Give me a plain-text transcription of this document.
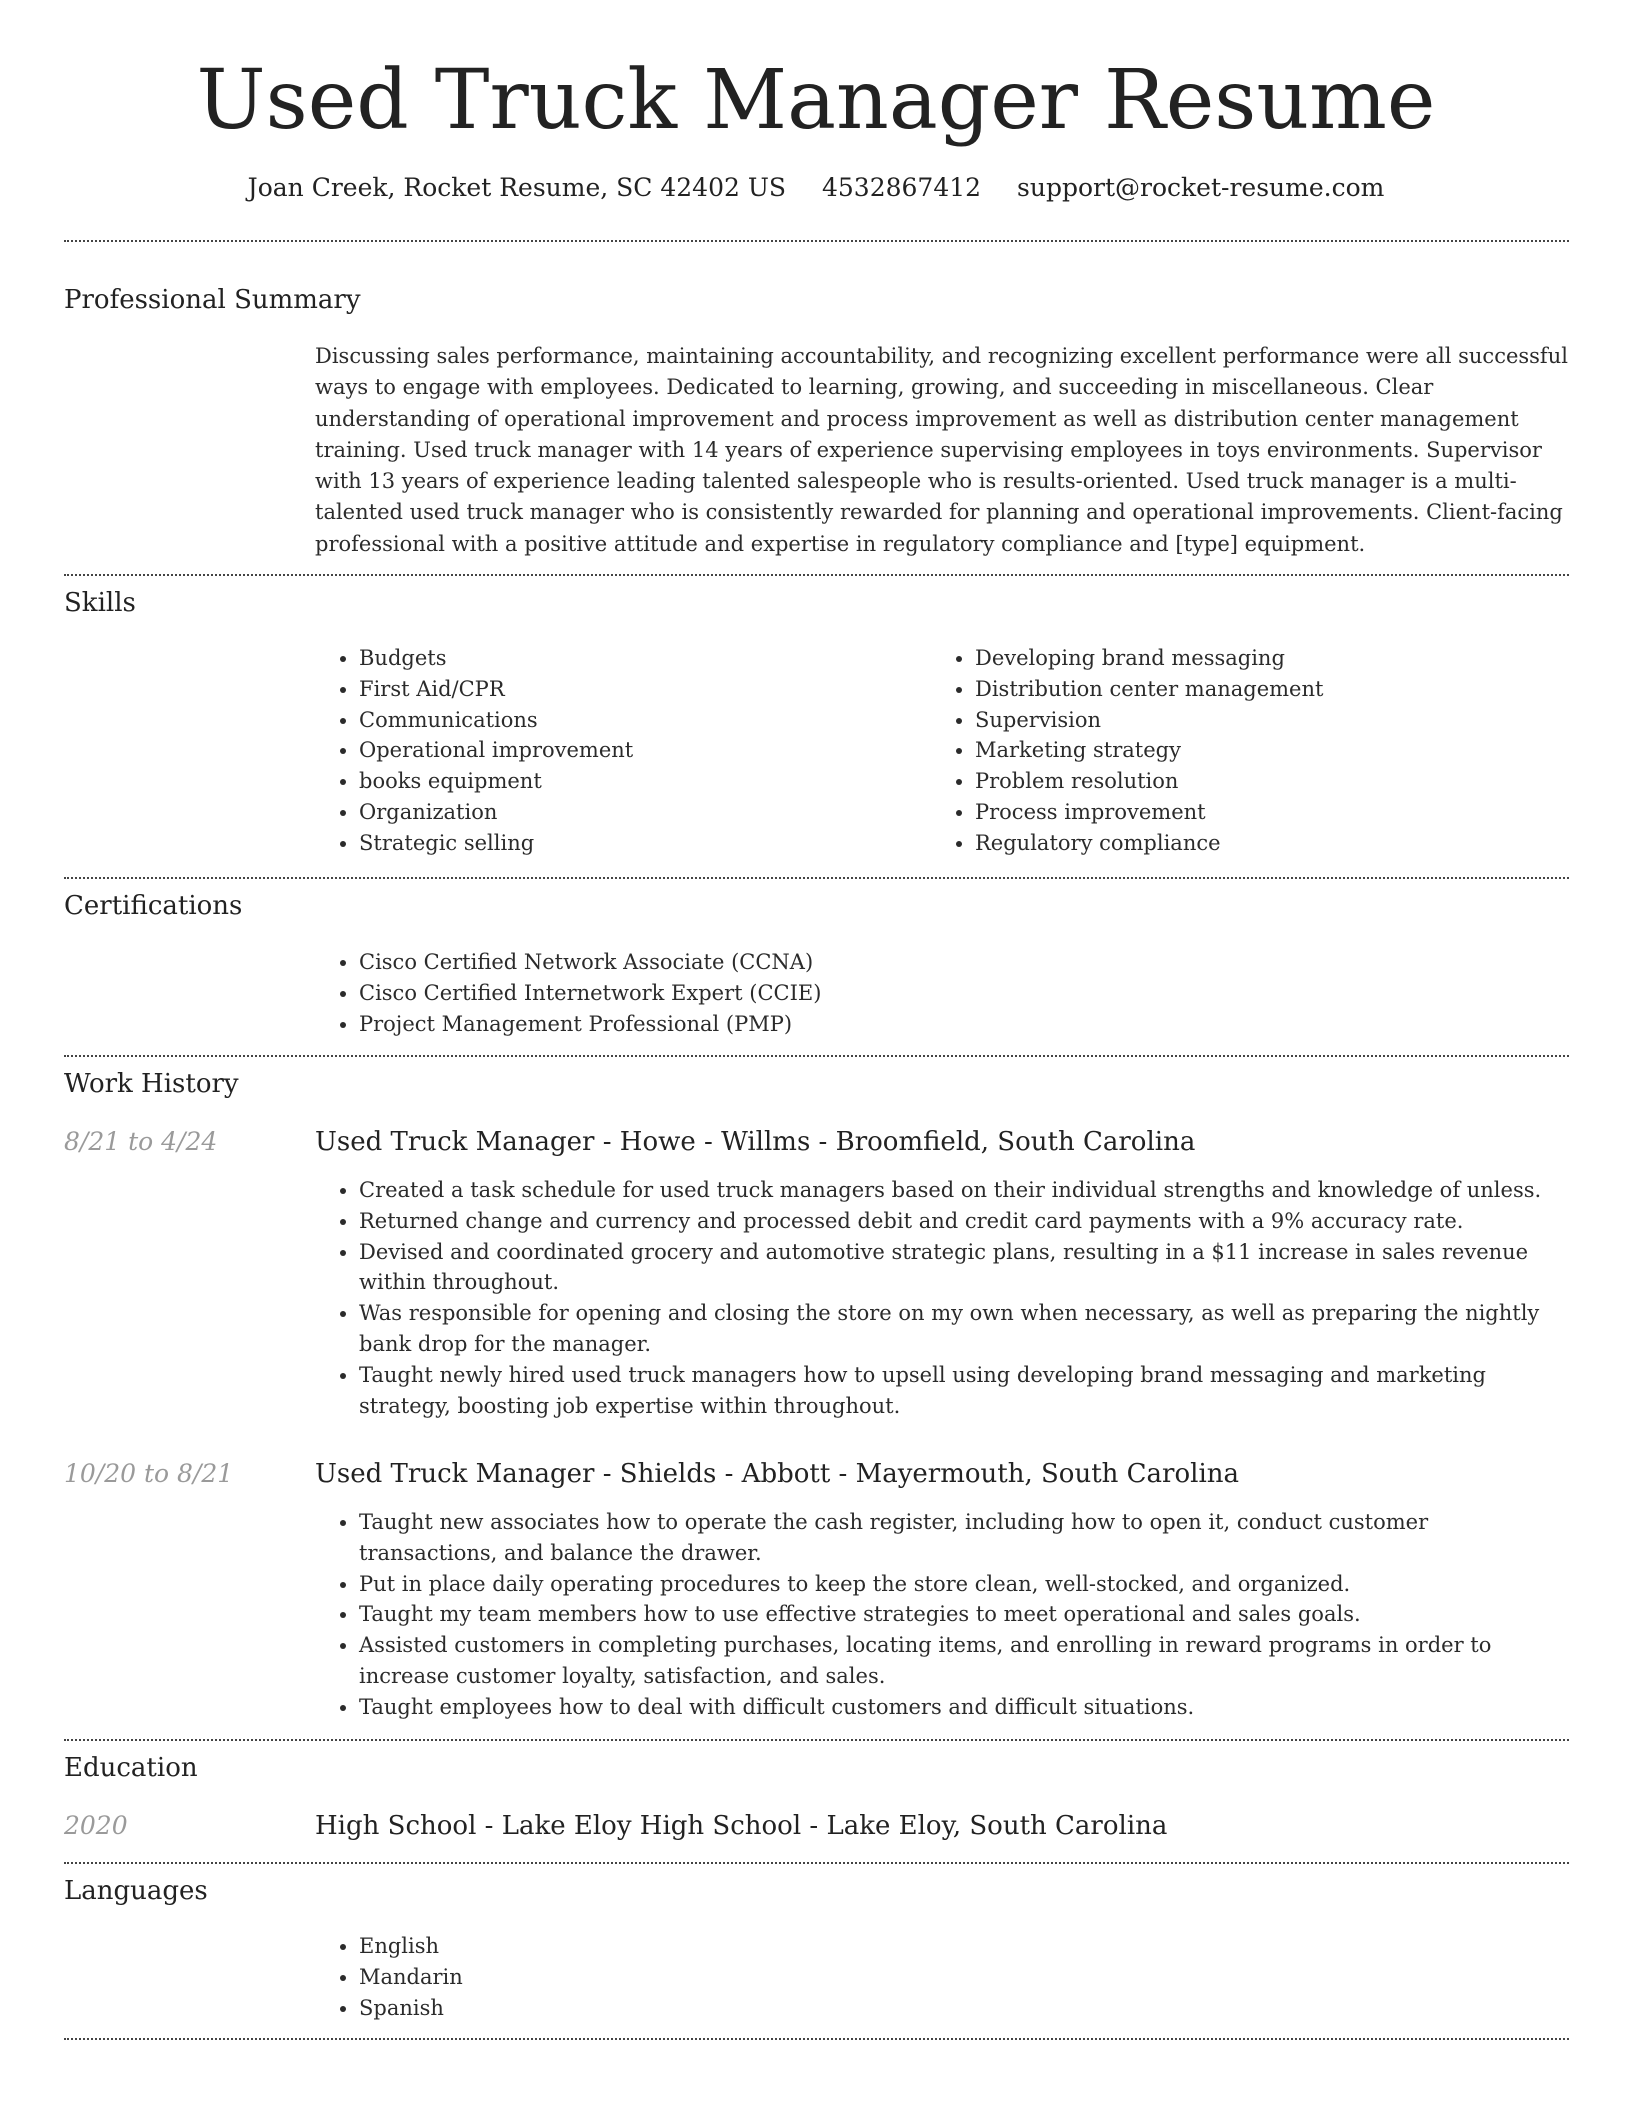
Used Truck Manager Resume
Joan Creek, Rocket Resume, SC 42402 US 4532867412 support@rocket-resume.com
Professional Summary

Discussing sales performance, maintaining accountability, and recognizing excellent performance were all successful ways to engage with employees. Dedicated to learning, growing, and succeeding in miscellaneous. Clear understanding of operational improvement and process improvement as well as distribution center management training. Used truck manager with 14 years of experience supervising employees in toys environments. Supervisor with 13 years of experience leading talented salespeople who is results-oriented. Used truck manager is a multi-talented used truck manager who is consistently rewarded for planning and operational improvements. Client-facing professional with a positive attitude and expertise in regulatory compliance and [type] equipment.

Skills
• Budgets
• First Aid/CPR
• Communications
• Operational improvement
• books equipment
• Organization
• Strategic selling
• Developing brand messaging
• Distribution center management
• Supervision
• Marketing strategy
• Problem resolution
• Process improvement
• Regulatory compliance
Certifications
• Cisco Certified Network Associate (CCNA)
• Cisco Certified Internetwork Expert (CCIE)
• Project Management Professional (PMP)
Work History
8/21 to 4/24	Used Truck Manager - Howe - Willms - Broomfield, South Carolina
• Created a task schedule for used truck managers based on their individual strengths and knowledge of unless.
• Returned change and currency and processed debit and credit card payments with a 9% accuracy rate.
• Devised and coordinated grocery and automotive strategic plans, resulting in a $11 increase in sales revenue within throughout.
• Was responsible for opening and closing the store on my own when necessary, as well as preparing the nightly bank drop for the manager.
• Taught newly hired used truck managers how to upsell using developing brand messaging and marketing strategy, boosting job expertise within throughout.
10/20 to 8/21	Used Truck Manager - Shields - Abbott - Mayermouth, South Carolina
• Taught new associates how to operate the cash register, including how to open it, conduct customer transactions, and balance the drawer.
• Put in place daily operating procedures to keep the store clean, well-stocked, and organized.
• Taught my team members how to use effective strategies to meet operational and sales goals.
• Assisted customers in completing purchases, locating items, and enrolling in reward programs in order to increase customer loyalty, satisfaction, and sales.
• Taught employees how to deal with difficult customers and difficult situations.
Education
2020	High School - Lake Eloy High School - Lake Eloy, South Carolina
Languages
• English
• Mandarin
• Spanish
